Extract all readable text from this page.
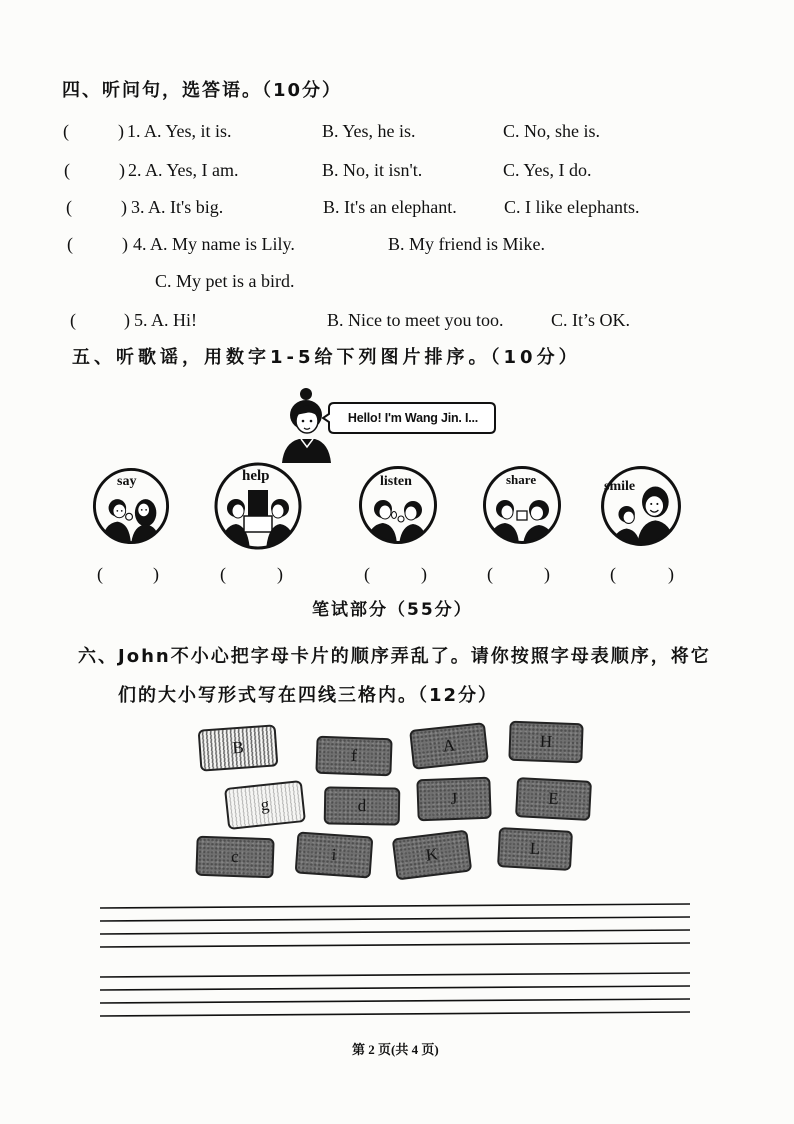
四、听问句，选答语。（10分）
(	) 1. A. Yes, it is.	B. Yes, he is.	C. No, she is.
(	) 2. A. Yes, I am.	B. No, it isn't.	C. Yes, I do.
(	) 3. A. It's big.	B. It's an elephant.	C. I like elephants.
(	) 4. A. My name is Lily.	B. My friend is Mike.
C. My pet is a bird.
(	) 5. A. Hi!	B. Nice to meet you too.	C. It’s OK.
五、听歌谣，用数字1-5给下列图片排序。（10分）
Hello! I'm Wang Jin. I...
say	help	listen	share	smile
(	)	(	)	(	)	(	)	(	)
笔试部分（55分）
六、John不小心把字母卡片的顺序弄乱了。请你按照字母表顺序，将它
们的大小写形式写在四线三格内。（12分）
B	f	A	H
g	d	J	E
c	i	K	L
第 2 页(共 4 页)
